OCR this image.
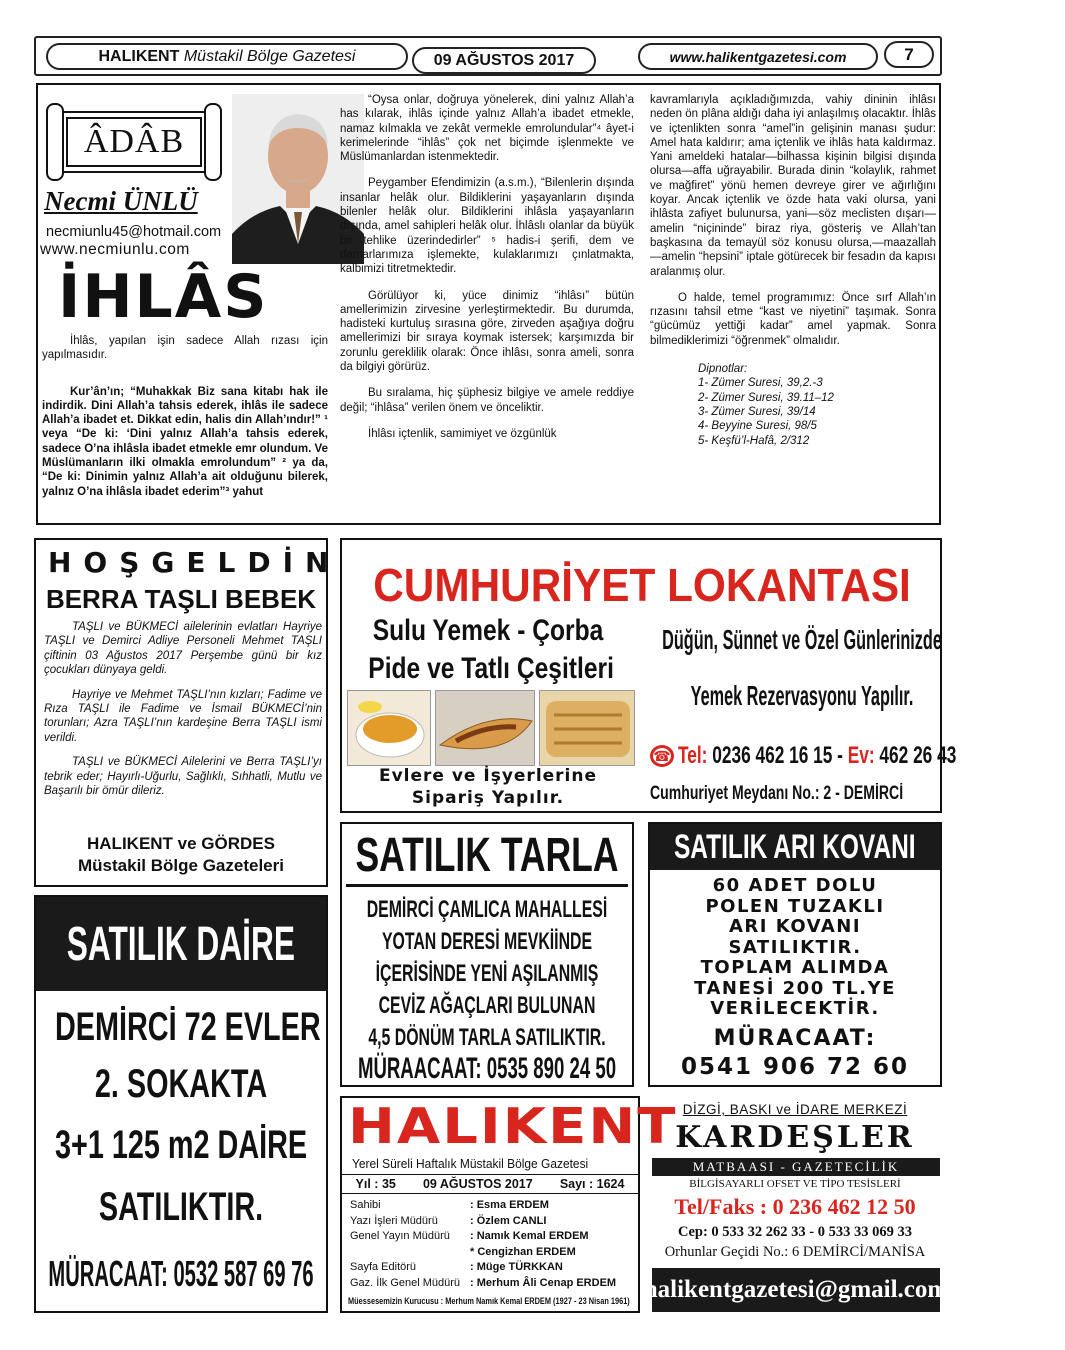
HALIKENT
Müstakil Bölge Gazetesi	09 AĞUSTOS 2017	www.halikentgazetesi.com	7
ÂDÂB
Necmi ÜNLÜ
necmiunlu45@hotmail.com
www.necmiunlu.com
İHLÂS

İhlâs, yapılan işin sadece Allah rızası için yapılmasıdır.

Kur’ân’ın; “Muhakkak Biz sana kitabı hak ile indirdik. Dini Allah’a tahsis ederek, ihlâs ile sadece Allah’a ibadet et. Dikkat edin, halis din Allah’ındır!” ¹ veya “De ki: ‘Dini yalnız Allah’a tahsis ederek, sadece O’na ihlâsla ibadet etmekle emr olundum. Ve Müslümanların ilki olmakla emrolundum” ² ya da, “De ki: Dinimin yalnız Allah’a ait olduğunu bilerek, yalnız O’na ihlâsla ibadet ederim”³ yahut

“Oysa onlar, doğruya yönelerek, dini yalnız Allah’a has kılarak, ihlâs içinde yalnız Allah’a ibadet etmekle, namaz kılmakla ve zekât vermekle emrolundular”⁴ âyet-i kerimelerinde “ihlâs” çok net biçimde işlenmekte ve Müslümanlardan istenmektedir.

Peygamber Efendimizin (a.s.m.), “Bilenlerin dışında insanlar helâk olur. Bildiklerini yaşayanların dışında bilenler helâk olur. Bildiklerini ihlâsla yaşayanların dışında, amel sahipleri helâk olur. İhlâslı olanlar da büyük bir tehlike üzerindedirler” ⁵ hadis-i şerifi, dem ve damarlarımıza işlemekte, kulaklarımızı çınlatmakta, kalbimizi titretmektedir.

Görülüyor ki, yüce dinimiz “ihlâsı” bütün amellerimizin zirvesine yerleştirmektedir. Bu durumda, hadisteki kurtuluş sırasına göre, zirveden aşağıya doğru amellerimizi bir sıraya koymak istersek; karşımızda bir zorunlu gereklilik olarak: Önce ihlâsı, sonra ameli, sonra da bilgiyi görürüz.

Bu sıralama, hiç şüphesiz bilgiye ve amele reddiye değil; “ihlâsa” verilen önem ve önceliktir.

İhlâsı içtenlik, samimiyet ve özgünlük

kavramlarıyla açıkladığımızda, vahiy dininin ihlâsı neden ön plâna aldığı daha iyi anlaşılmış olacaktır. İhlâs ve içtenlikten sonra “amel”in gelişinin manası şudur: Amel hata kaldırır; ama içtenlik ve ihlâs hata kaldırmaz. Yani ameldeki hatalar—bilhassa kişinin bilgisi dışında olursa—affa uğrayabilir. Burada dinin “kolaylık, rahmet ve mağfiret” yönü hemen devreye girer ve ağırlığını koyar. Ancak içtenlik ve özde hata vaki olursa, yani ihlâsta zafiyet bulunursa, yani—söz meclisten dışarı—amelin “niçininde” biraz riya, gösteriş ve Allah’tan başkasına da temayül söz konusu olursa,—maazallah—amelin “hepsini” iptale götürecek bir fesadın da kapısı aralanmış olur.

O halde, temel programımız: Önce sırf Allah’ın rızasını tahsil etme “kast ve niyetini” taşımak. Sonra “gücümüz yettiği kadar” amel yapmak. Sonra bilmediklerimizi “öğrenmek” olmalıdır.

Dipnotlar:
1- Zümer Suresi, 39,2.-3
2- Zümer Suresi, 39.11–12
3- Zümer Suresi, 39/14
4- Beyyine Suresi, 98/5
5- Keşfü’l-Hafâ, 2/312
HOŞGELDİN
BERRA TAŞLI BEBEK

TAŞLI ve BÜKMECİ ailelerinin evlatları Hayriye TAŞLI ve Demirci Adliye Personeli Mehmet TAŞLI çiftinin 03 Ağustos 2017 Perşembe günü bir kız çocukları dünyaya geldi.

Hayriye ve Mehmet TAŞLI’nın kızları; Fadime ve Rıza TAŞLI ile Fadime ve İsmail BÜKMECİ’nin torunları; Azra TAŞLI’nın kardeşine Berra TAŞLI ismi verildi.

TAŞLI ve BÜKMECİ Ailelerini ve Berra TAŞLI’yı tebrik eder; Hayırlı-Uğurlu, Sağlıklı, Sıhhatli, Mutlu ve Başarılı bir ömür dileriz.

HALIKENT ve GÖRDES
Müstakil Bölge Gazeteleri
SATILIK DAİRE
DEMİRCİ 72 EVLER
2. SOKAKTA
3+1 125 m2 DAİRE
SATILIKTIR.
MÜRACAAT: 0532 587 69 76
CUMHURİYET LOKANTASI
Sulu Yemek - Çorba
Pide ve Tatlı Çeşitleri
Düğün, Sünnet ve Özel Günlerinizde
Yemek Rezervasyonu Yapılır.
Evlere ve İşyerlerine
Sipariş Yapılır.
☎ Tel: 0236 462 16 15 - Ev: 462 26 43
Cumhuriyet Meydanı No.: 2 - DEMİRCİ
SATILIK TARLA
DEMİRCİ ÇAMLICA MAHALLESİ
YOTAN DERESİ MEVKİİNDE
İÇERİSİNDE YENİ AŞILANMIŞ
CEVİZ AĞAÇLARI BULUNAN
4,5 DÖNÜM TARLA SATILIKTIR.
MÜRAACAAT: 0535 890 24 50
SATILIK ARI KOVANI
60 ADET DOLU
POLEN TUZAKLI
ARI KOVANI
SATILIKTIR.
TOPLAM ALIMDA
TANESİ 200 TL.YE
VERİLECEKTİR.
MÜRACAAT:
0541 906 72 60
HALIKENT
Yerel Süreli Haftalık Müstakil Bölge Gazetesi
Yıl : 35 09 AĞUSTOS 2017 Sayı : 1624
Sahibi	: Esma ERDEM
Yazı İşleri Müdürü	: Özlem CANLI
Genel Yayın Müdürü	: Namık Kemal ERDEM
* Cengizhan ERDEM
Sayfa Editörü	: Müge TÜRKKAN
Gaz. İlk Genel Müdürü : Merhum Âli Cenap ERDEM
Müessesemizin Kurucusu : Merhum Namık Kemal ERDEM (1927 - 23 Nisan 1961)
DİZGİ, BASKI ve İDARE MERKEZİ
KARDEŞLER
MATBAASI - GAZETECİLİK
BİLGİSAYARLI OFSET VE TİPO TESİSLERİ
Tel/Faks : 0 236 462 12 50
Cep: 0 533 32 262 33 - 0 533 33 069 33
Orhunlar Geçidi No.: 6 DEMİRCİ/MANİSA
halikentgazetesi@gmail.com
